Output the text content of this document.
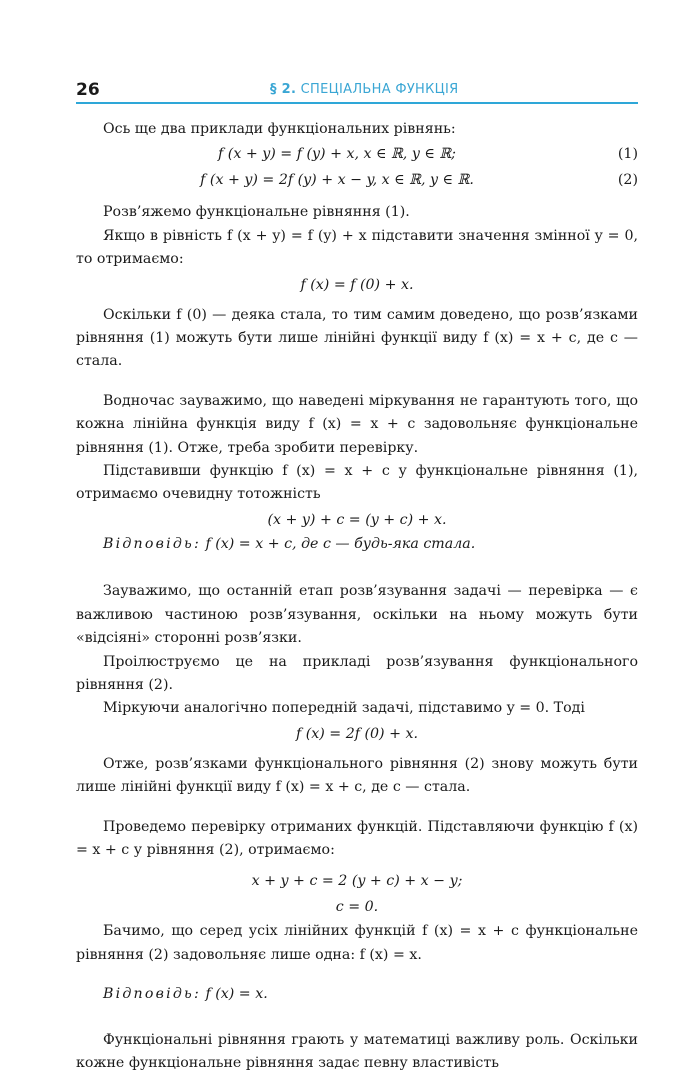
26	§ 2. СПЕЦІАЛЬНА ФУНКЦІЯ

Ось ще два приклади функціональних рівнянь:

f (x + y) = f (y) + x, x ∈ ℝ, y ∈ ℝ;	(1)
f (x + y) = 2f (y) + x − y, x ∈ ℝ, y ∈ ℝ.	(2)

Розв’яжемо функціональне рівняння (1).

Якщо в рівність f (x + y) = f (y) + x підставити значення змінної y = 0, то отримаємо:

f (x) = f (0) + x.

Оскільки f (0) — деяка стала, то тим самим доведено, що розв’язками рівняння (1) можуть бути лише лінійні функції виду f (x) = x + c, де c — стала.

Водночас зауважимо, що наведені міркування не гарантують того, що кожна лінійна функція виду f (x) = x + c задовольняє функціональне рівняння (1). Отже, треба зробити перевірку.

Підставивши функцію f (x) = x + c у функціональне рівняння (1), отримаємо очевидну тотожність

(x + y) + c = (y + c) + x.

Відповідь: f (x) = x + c, де c — будь-яка стала.

Зауважимо, що останній етап розв’язування задачі — перевірка — є важливою частиною розв’язування, оскільки на ньому можуть бути «відсіяні» сторонні розв’язки.

Проілюструємо це на прикладі розв’язування функціонального рівняння (2).

Міркуючи аналогічно попередній задачі, підставимо y = 0. Тоді

f (x) = 2f (0) + x.

Отже, розв’язками функціонального рівняння (2) знову можуть бути лише лінійні функції виду f (x) = x + c, де c — стала.

Проведемо перевірку отриманих функцій. Підставляючи функцію f (x) = x + c у рівняння (2), отримаємо:

x + y + c = 2 (y + c) + x − y;
c = 0.

Бачимо, що серед усіх лінійних функцій f (x) = x + c функціональне рівняння (2) задовольняє лише одна: f (x) = x.

Відповідь: f (x) = x.

Функціональні рівняння грають у математиці важливу роль. Оскільки кожне функціональне рівняння задає певну властивість
